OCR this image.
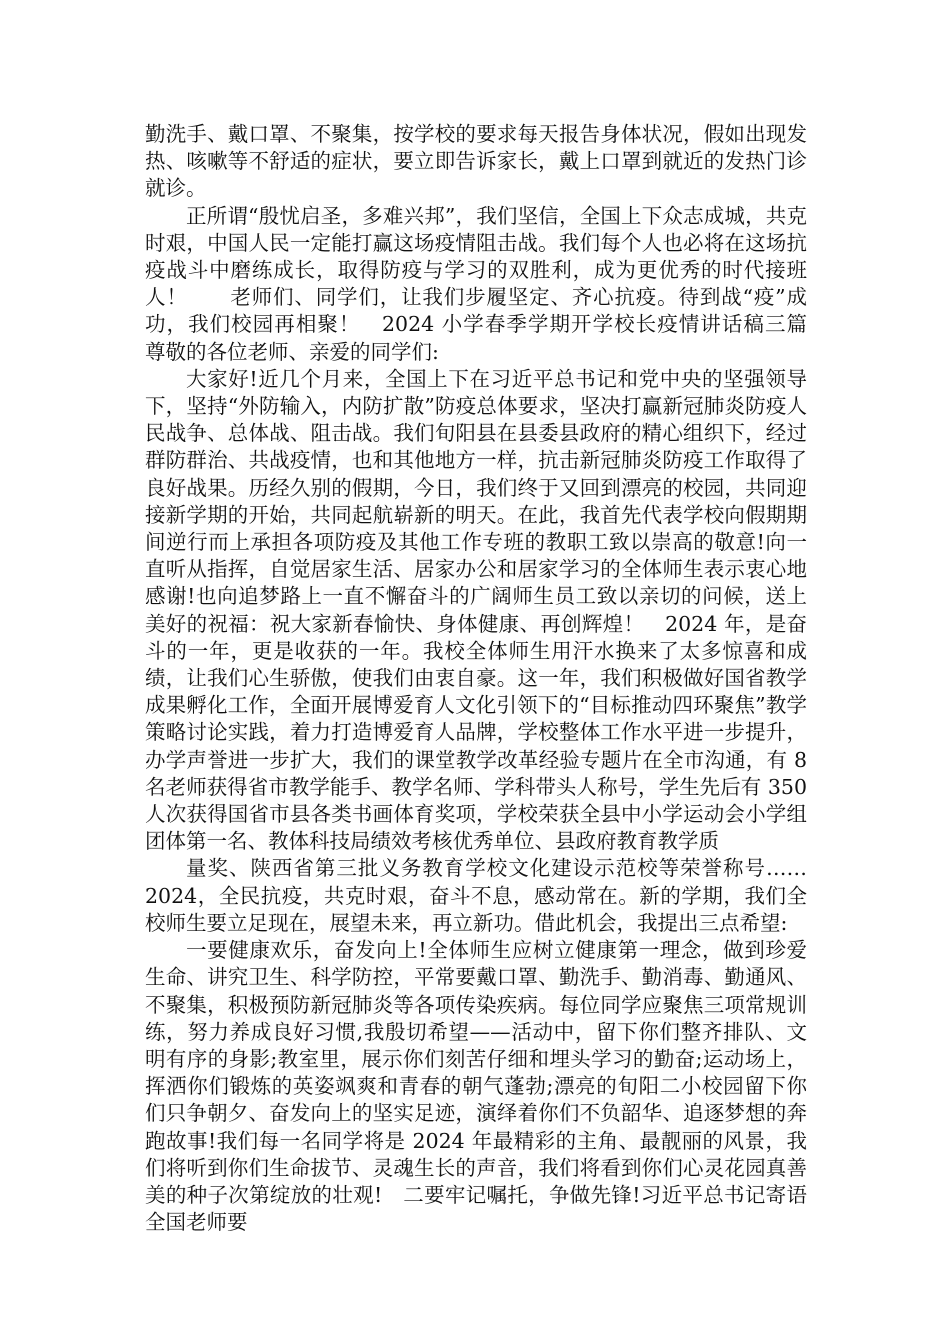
勤洗手、戴口罩、不聚集，按学校的要求每天报告身体状况，假如出现发热、咳嗽等不舒适的症状，要立即告诉家长，戴上口罩到就近的发热门诊就诊。

正所谓“殷忧启圣，多难兴邦”，我们坚信，全国上下众志成城，共克时艰，中国人民一定能打赢这场疫情阻击战。我们每个人也必将在这场抗疫战斗中磨练成长，取得防疫与学习的双胜利，成为更优秀的时代接班人！　　老师们、同学们，让我们步履坚定、齐心抗疫。待到战“疫”成功，我们校园再相聚！　2024 小学春季学期开学校长疫情讲话稿三篇　　尊敬的各位老师、亲爱的同学们:

大家好!近几个月来，全国上下在习近平总书记和党中央的坚强领导下，坚持“外防输入，内防扩散”防疫总体要求，坚决打赢新冠肺炎防疫人民战争、总体战、阻击战。我们旬阳县在县委县政府的精心组织下，经过群防群治、共战疫情，也和其他地方一样，抗击新冠肺炎防疫工作取得了良好战果。历经久别的假期，今日，我们终于又回到漂亮的校园，共同迎接新学期的开始，共同起航崭新的明天。在此，我首先代表学校向假期期间逆行而上承担各项防疫及其他工作专班的教职工致以崇高的敬意!向一直听从指挥，自觉居家生活、居家办公和居家学习的全体师生表示衷心地感谢!也向追梦路上一直不懈奋斗的广阔师生员工致以亲切的问候，送上美好的祝福：祝大家新春愉快、身体健康、再创辉煌！　2024 年，是奋斗的一年，更是收获的一年。我校全体师生用汗水换来了太多惊喜和成绩，让我们心生骄傲，使我们由衷自豪。这一年，我们积极做好国省教学成果孵化工作，全面开展博爱育人文化引领下的“目标推动四环聚焦”教学策略讨论实践，着力打造博爱育人品牌，学校整体工作水平进一步提升，办学声誉进一步扩大，我们的课堂教学改革经验专题片在全市沟通，有 8 名老师获得省市教学能手、教学名师、学科带头人称号，学生先后有 350 人次获得国省市县各类书画体育奖项，学校荣获全县中小学运动会小学组团体第一名、教体科技局绩效考核优秀单位、县政府教育教学质

量奖、陕西省第三批义务教育学校文化建设示范校等荣誉称号……　2024，全民抗疫，共克时艰，奋斗不息，感动常在。新的学期，我们全校师生要立足现在，展望未来，再立新功。借此机会，我提出三点希望:

一要健康欢乐，奋发向上!全体师生应树立健康第一理念，做到珍爱生命、讲究卫生、科学防控，平常要戴口罩、勤洗手、勤消毒、勤通风、不聚集，积极预防新冠肺炎等各项传染疾病。每位同学应聚焦三项常规训练，努力养成良好习惯,我殷切希望——活动中，留下你们整齐排队、文明有序的身影;教室里，展示你们刻苦仔细和埋头学习的勤奋;运动场上，挥洒你们锻炼的英姿飒爽和青春的朝气蓬勃;漂亮的旬阳二小校园留下你们只争朝夕、奋发向上的坚实足迹，演绎着你们不负韶华、追逐梦想的奔跑故事!我们每一名同学将是 2024 年最精彩的主角、最靓丽的风景，我们将听到你们生命拔节、灵魂生长的声音，我们将看到你们心灵花园真善美的种子次第绽放的壮观!　二要牢记嘱托，争做先锋!习近平总书记寄语全国老师要
